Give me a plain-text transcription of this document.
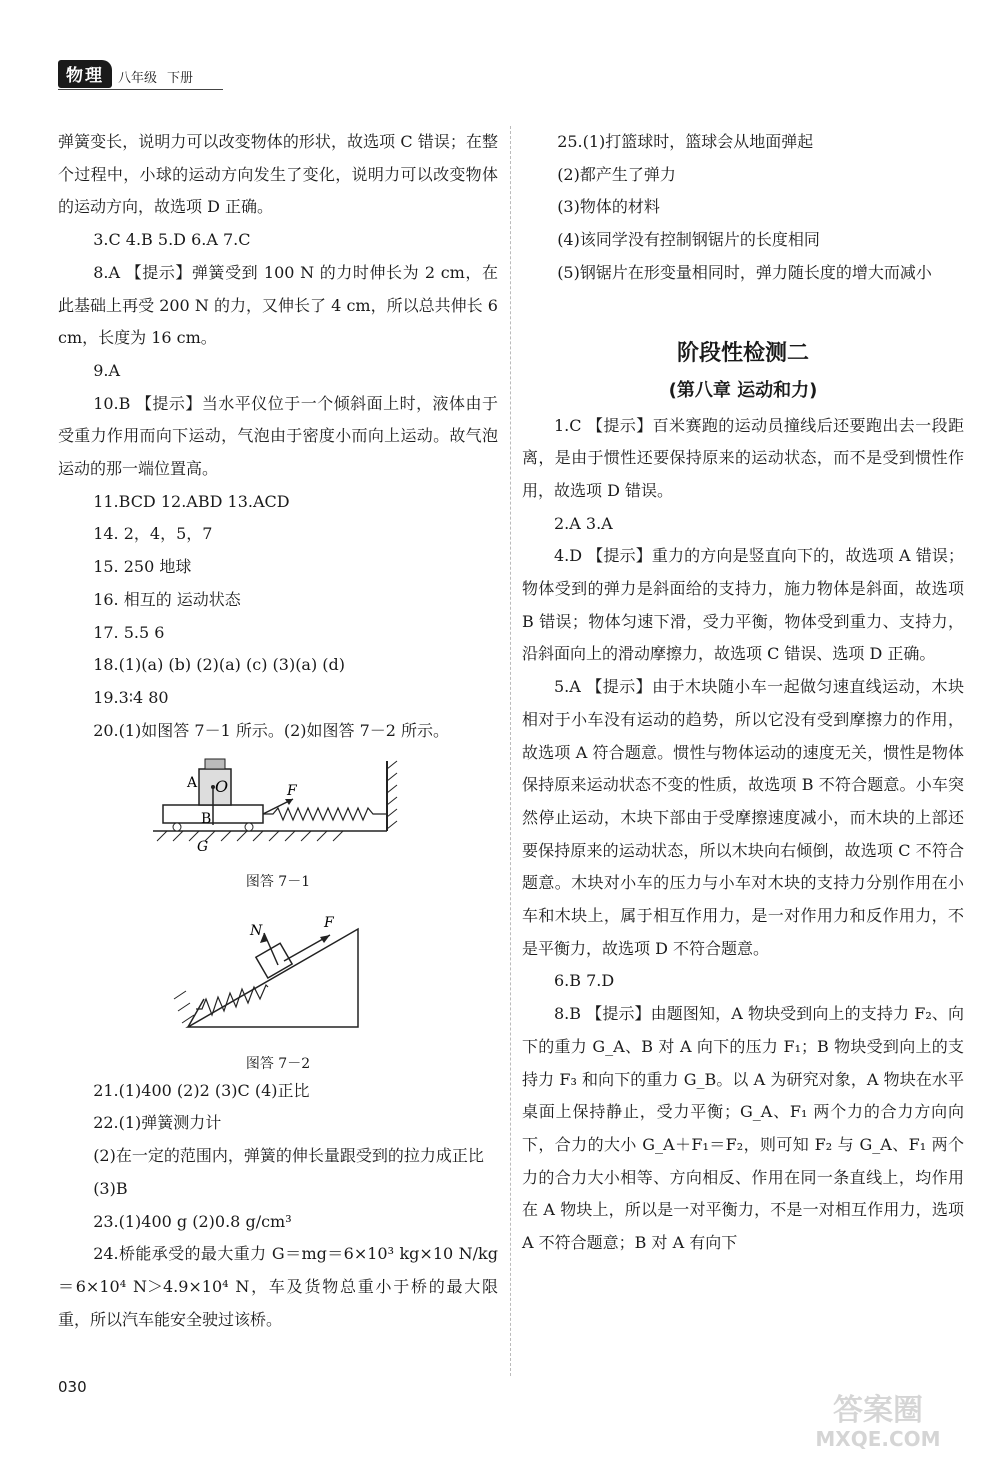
物理	八年级 下册

弹簧变长，说明力可以改变物体的形状，故选项 C 错误；在整个过程中，小球的运动方向发生了变化，说明力可以改变物体的运动方向，故选项 D 正确。

3.C 4.B 5.D 6.A 7.C

8.A 【提示】弹簧受到 100 N 的力时伸长为 2 cm，在此基础上再受 200 N 的力，又伸长了 4 cm，所以总共伸长 6 cm，长度为 16 cm。

9.A

10.B 【提示】当水平仪位于一个倾斜面上时，液体由于受重力作用而向下运动，气泡由于密度小而向上运动。故气泡运动的那一端位置高。

11.BCD 12.ABD 13.ACD

14. 2，4，5，7

15. 250 地球

16. 相互的 运动状态

17. 5.5 6

18.(1)(a) (b) (2)(a) (c) (3)(a) (d)

19.3∶4 80

20.(1)如图答 7－1 所示。(2)如图答 7－2 所示。

A O
B
F
G
图答 7－1
N	F
图答 7－2

21.(1)400 (2)2 (3)C (4)正比

22.(1)弹簧测力计

(2)在一定的范围内，弹簧的伸长量跟受到的拉力成正比

(3)B

23.(1)400 g (2)0.8 g/cm³

24.桥能承受的最大重力 G＝mg＝6×10³ kg×10 N/kg＝6×10⁴ N＞4.9×10⁴ N，车及货物总重小于桥的最大限重，所以汽车能安全驶过该桥。

25.(1)打篮球时，篮球会从地面弹起

(2)都产生了弹力

(3)物体的材料

(4)该同学没有控制钢锯片的长度相同

(5)钢锯片在形变量相同时，弹力随长度的增大而减小

阶段性检测二
(第八章 运动和力)

1.C 【提示】百米赛跑的运动员撞线后还要跑出去一段距离，是由于惯性还要保持原来的运动状态，而不是受到惯性作用，故选项 D 错误。

2.A 3.A

4.D 【提示】重力的方向是竖直向下的，故选项 A 错误；物体受到的弹力是斜面给的支持力，施力物体是斜面，故选项 B 错误；物体匀速下滑，受力平衡，物体受到重力、支持力，沿斜面向上的滑动摩擦力，故选项 C 错误、选项 D 正确。

5.A 【提示】由于木块随小车一起做匀速直线运动，木块相对于小车没有运动的趋势，所以它没有受到摩擦力的作用，故选项 A 符合题意。惯性与物体运动的速度无关，惯性是物体保持原来运动状态不变的性质，故选项 B 不符合题意。小车突然停止运动，木块下部由于受摩擦速度减小，而木块的上部还要保持原来的运动状态，所以木块向右倾倒，故选项 C 不符合题意。木块对小车的压力与小车对木块的支持力分别作用在小车和木块上，属于相互作用力，是一对作用力和反作用力，不是平衡力，故选项 D 不符合题意。

6.B 7.D

8.B 【提示】由题图知，A 物块受到向上的支持力 F₂、向下的重力 G_A、B 对 A 向下的压力 F₁；B 物块受到向上的支持力 F₃ 和向下的重力 G_B。以 A 为研究对象，A 物块在水平桌面上保持静止，受力平衡；G_A、F₁ 两个力的合力方向向下，合力的大小 G_A＋F₁＝F₂，则可知 F₂ 与 G_A、F₁ 两个力的合力大小相等、方向相反、作用在同一条直线上，均作用在 A 物块上，所以是一对平衡力，不是一对相互作用力，选项 A 不符合题意；B 对 A 有向下

030
答案圈
MXQE.COM
